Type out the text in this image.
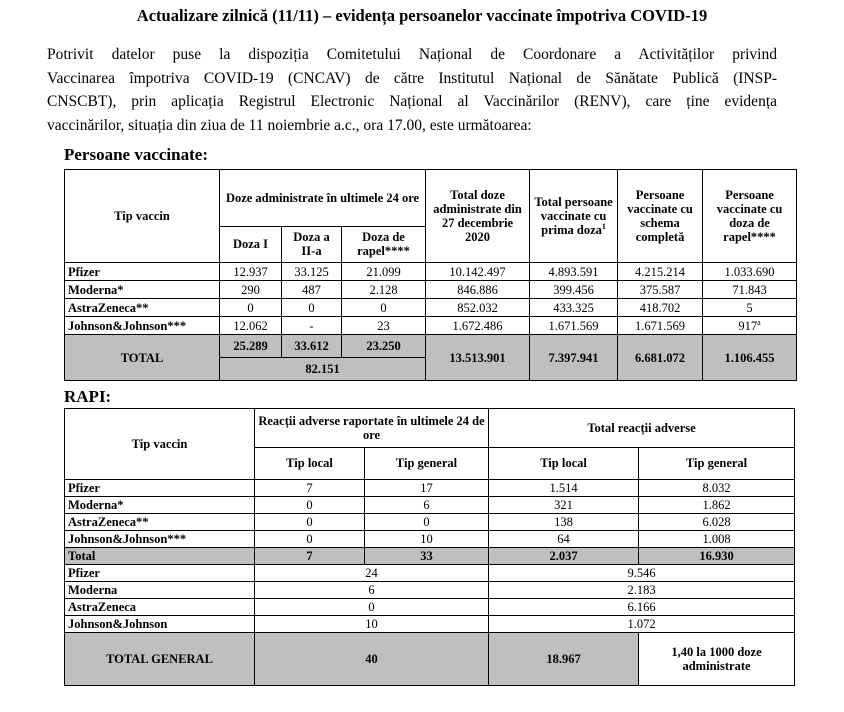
Actualizare zilnică (11/11) – evidența persoanelor vaccinate împotriva COVID-19
Potrivit datelor puse la dispoziția Comitetului Național de Coordonare a Activităților privind
Vaccinarea împotriva COVID-19 (CNCAV) de către Institutul Național de Sănătate Publică (INSP-
CNSCBT), prin aplicația Registrul Electronic Național al Vaccinărilor (RENV), care ține evidența
vaccinărilor, situația din ziua de 11 noiembrie a.c., ora 17.00, este următoarea:
Persoane vaccinate:
Tip vaccin	Doze administrate în ultimele 24 ore			Total doze administrate din 27 decembrie 2020	Total persoane vaccinate cu prima doza$^1$	Persoane vaccinate cu schema completă	Persoane vaccinate cu doza de rapel****
	Doza I	Doza a II-a	Doza de rapel****				
Pfizer	12.937	33.125	21.099	10.142.497	4.893.591	4.215.214	1.033.690
Moderna*	290	487	2.128	846.886	399.456	375.587	71.843
AstraZeneca**	0	0	0	852.032	433.325	418.702	5
Johnson&Johnson***	12.062	-	23	1.672.486	1.671.569	1.671.569	917$^a$
TOTAL	25.289	33.612	23.250	13.513.901	7.397.941	6.681.072	1.106.455
	82.151						
RAPI:
Tip vaccin	Reacții adverse raportate în ultimele 24 de ore		Total reacții adverse	
	Tip local	Tip general	Tip local	Tip general
Pfizer	7	17	1.514	8.032
Moderna*	0	6	321	1.862
AstraZeneca**	0	0	138	6.028
Johnson&Johnson***	0	10	64	1.008
Total	7	33	2.037	16.930
Pfizer	24		9.546	
Moderna	6		2.183	
AstraZeneca	0		6.166	
Johnson&Johnson	10		1.072	
TOTAL GENERAL	40		18.967	1,40 la 1000 doze administrate
